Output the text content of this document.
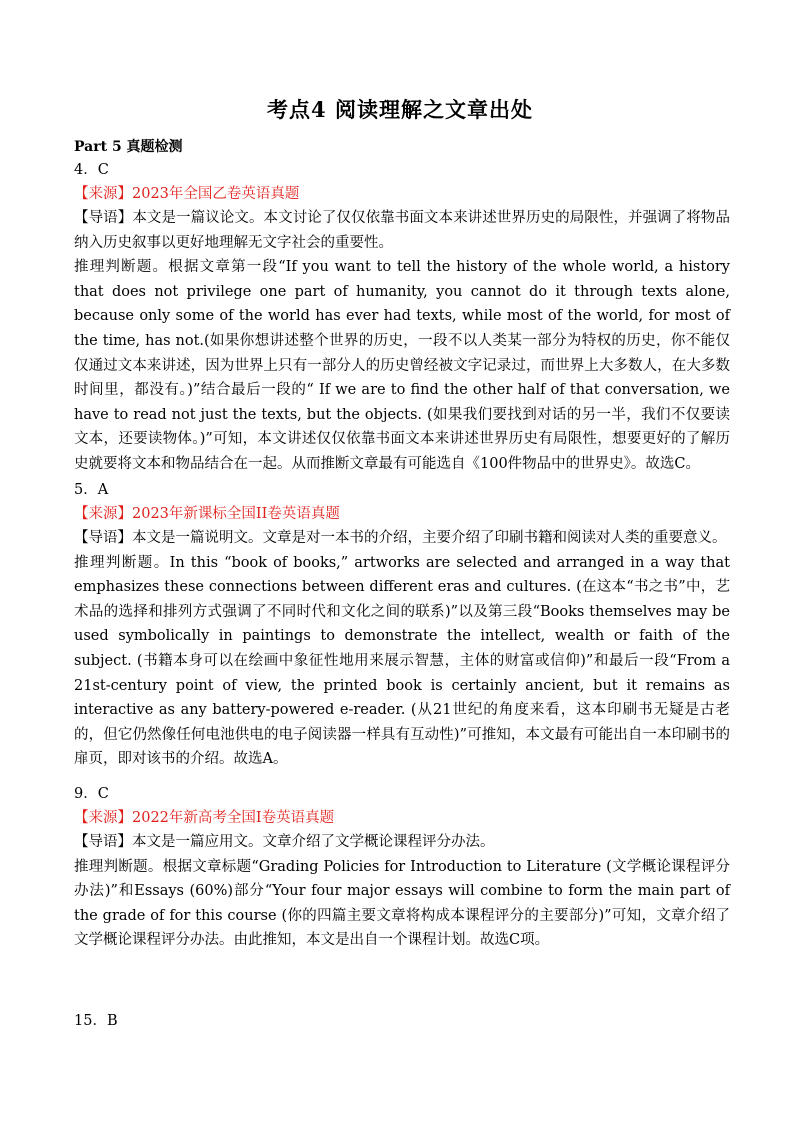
考点4 阅读理解之文章出处
Part 5 真题检测
4．C
【来源】2023年全国乙卷英语真题
【导语】本文是一篇议论文。本文讨论了仅仅依靠书面文本来讲述世界历史的局限性，并强调了将物品纳入历史叙事以更好地理解无文字社会的重要性。
推理判断题。根据文章第一段“If you want to tell the history of the whole world, a history that does not privilege one part of humanity, you cannot do it through texts alone, because only some of the world has ever had texts, while most of the world, for most of the time, has not.(如果你想讲述整个世界的历史，一段不以人类某一部分为特权的历史，你不能仅仅通过文本来讲述，因为世界上只有一部分人的历史曾经被文字记录过，而世界上大多数人，在大多数时间里，都没有。)”结合最后一段的“ If we are to find the other half of that conversation, we have to read not just the texts, but the objects. (如果我们要找到对话的另一半，我们不仅要读文本，还要读物体。)”可知，本文讲述仅仅依靠书面文本来讲述世界历史有局限性，想要更好的了解历史就要将文本和物品结合在一起。从而推断文章最有可能选自《100件物品中的世界史》。故选C。
5．A
【来源】2023年新课标全国II卷英语真题
【导语】本文是一篇说明文。文章是对一本书的介绍，主要介绍了印刷书籍和阅读对人类的重要意义。
推理判断题。In this “book of books,” artworks are selected and arranged in a way that emphasizes these connections between different eras and cultures. (在这本“书之书”中，艺术品的选择和排列方式强调了不同时代和文化之间的联系)”以及第三段“Books themselves may be used symbolically in paintings to demonstrate the intellect, wealth or faith of the subject. (书籍本身可以在绘画中象征性地用来展示智慧，主体的财富或信仰)”和最后一段“From a 21st-century point of view, the printed book is certainly ancient, but it remains as interactive as any battery-powered e-reader. (从21世纪的角度来看，这本印刷书无疑是古老的，但它仍然像任何电池供电的电子阅读器一样具有互动性)”可推知，本文最有可能出自一本印刷书的扉页，即对该书的介绍。故选A。
9．C
【来源】2022年新高考全国Ⅰ卷英语真题
【导语】本文是一篇应用文。文章介绍了文学概论课程评分办法。
推理判断题。根据文章标题“Grading Policies for Introduction to Literature (文学概论课程评分办法)”和Essays (60%)部分“Your four major essays will combine to form the main part of the grade of for this course (你的四篇主要文章将构成本课程评分的主要部分)”可知，文章介绍了文学概论课程评分办法。由此推知，本文是出自一个课程计划。故选C项。
15．B
